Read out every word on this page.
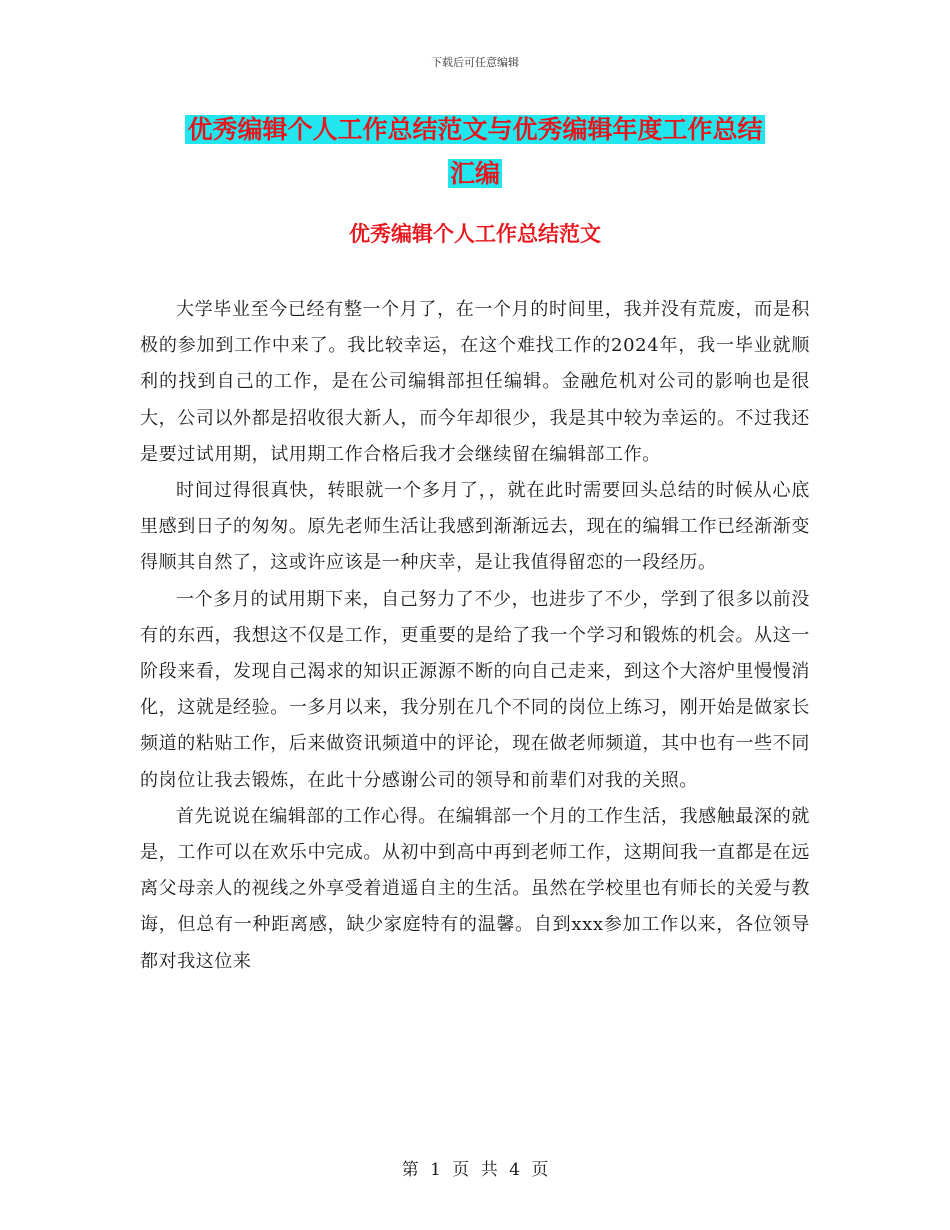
下载后可任意编辑
优秀编辑个人工作总结范文与优秀编辑年度工作总结
汇编
优秀编辑个人工作总结范文

大学毕业至今已经有整一个月了，在一个月的时间里，我并没有荒废，而是积极的参加到工作中来了。我比较幸运，在这个难找工作的2024年，我一毕业就顺利的找到自己的工作，是在公司编辑部担任编辑。金融危机对公司的影响也是很大，公司以外都是招收很大新人，而今年却很少，我是其中较为幸运的。不过我还是要过试用期，试用期工作合格后我才会继续留在编辑部工作。

时间过得很真快，转眼就一个多月了，，就在此时需要回头总结的时候从心底里感到日子的匆匆。原先老师生活让我感到渐渐远去，现在的编辑工作已经渐渐变得顺其自然了，这或许应该是一种庆幸，是让我值得留恋的一段经历。

一个多月的试用期下来，自己努力了不少，也进步了不少，学到了很多以前没有的东西，我想这不仅是工作，更重要的是给了我一个学习和锻炼的机会。从这一阶段来看，发现自己渴求的知识正源源不断的向自己走来，到这个大溶炉里慢慢消化，这就是经验。一多月以来，我分别在几个不同的岗位上练习，刚开始是做家长频道的粘贴工作，后来做资讯频道中的评论，现在做老师频道，其中也有一些不同的岗位让我去锻炼，在此十分感谢公司的领导和前辈们对我的关照。

首先说说在编辑部的工作心得。在编辑部一个月的工作生活，我感触最深的就是，工作可以在欢乐中完成。从初中到高中再到老师工作，这期间我一直都是在远离父母亲人的视线之外享受着逍遥自主的生活。虽然在学校里也有师长的关爱与教诲，但总有一种距离感，缺少家庭特有的温馨。自到xxx参加工作以来，各位领导都对我这位来

第 1 页 共 4 页
